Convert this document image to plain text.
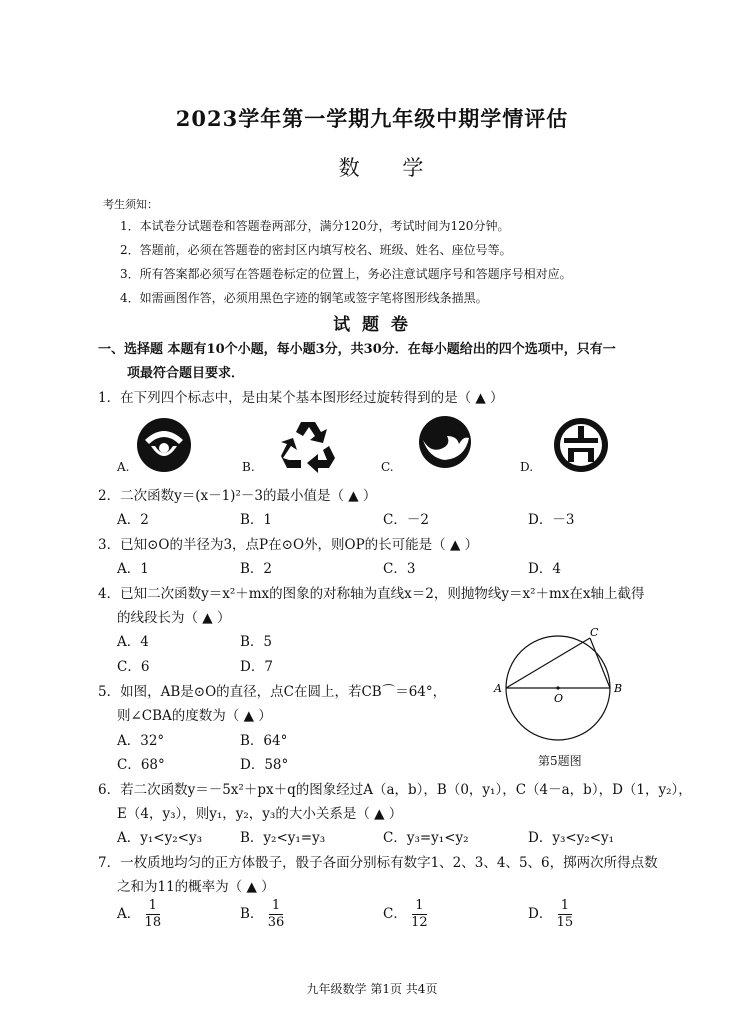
2023学年第一学期九年级中期学情评估
数 学
考生须知：
1．本试卷分试题卷和答题卷两部分，满分120分，考试时间为120分钟。
2．答题前，必须在答题卷的密封区内填写校名、班级、姓名、座位号等。
3．所有答案都必须写在答题卷标定的位置上，务必注意试题序号和答题序号相对应。
4．如需画图作答，必须用黑色字迹的钢笔或签字笔将图形线条描黑。
试 题 卷
一、选择题 本题有10个小题，每小题3分，共30分．在每小题给出的四个选项中，只有一
项最符合题目要求．
1．在下列四个标志中，是由某个基本图形经过旋转得到的是（ ▲ ）
A.	B.	C.	D.
2．二次函数y＝(x－1)²－3的最小值是（ ▲ ）
A．2	B．1	C．－2	D．－3
3．已知⊙O的半径为3，点P在⊙O外，则OP的长可能是（ ▲ ）
A．1	B．2	C．3	D．4
4．已知二次函数y＝x²＋mx的图象的对称轴为直线x＝2，则抛物线y＝x²＋mx在x轴上截得
的线段长为（ ▲ ）
A．4	B．5
C．6	D．7
5．如图，AB是⊙O的直径，点C在圆上，若CB⌒＝64°，
则∠CBA的度数为（ ▲ ）
A．32°	B．64°
C．68°	D．58°
A	B
C
O
第5题图
6．若二次函数y＝－5x²＋px＋q的图象经过A（a，b），B（0，y₁），C（4－a，b），D（1，y₂），
E（4，y₃），则y₁，y₂，y₃的大小关系是（ ▲ ）
A．y₁<y₂<y₃	B．y₂<y₁=y₃	C．y₃=y₁<y₂	D．y₃<y₂<y₁
7．一枚质地均匀的正方体骰子，骰子各面分别标有数字1、2、3、4、5、6，掷两次所得点数
之和为11的概率为（ ▲ ）
A． $\frac{1}{18}$	B． $\frac{1}{36}$	C． $\frac{1}{12}$	D． $\frac{1}{15}$
九年级数学 第1页 共4页
